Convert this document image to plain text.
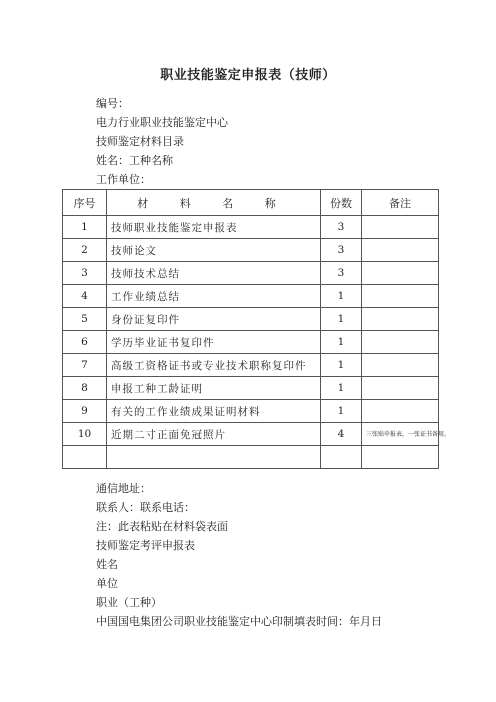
职业技能鉴定申报表（技师）
编号：
电力行业职业技能鉴定中心
技师鉴定材料目录
姓名：工种名称
工作单位：
序号	材 料 名 称	份数	备注
1	技师职业技能鉴定申报表	3	
2	技师论文	3	
3	技师技术总结	3	
4	工作业绩总结	1	
5	身份证复印件	1	
6	学历毕业证书复印件	1	
7	高级工资格证书或专业技术职称复印件	1	
8	申报工种工龄证明	1	
9	有关的工作业绩成果证明材料	1	
10	近期二寸正面免冠照片	4	三张贴申报表，一张证书备用。

通信地址：
联系人：联系电话：
注：此表粘贴在材料袋表面
技师鉴定考评申报表
姓名
单位
职业（工种）
中国国电集团公司职业技能鉴定中心印制填表时间：年月日
